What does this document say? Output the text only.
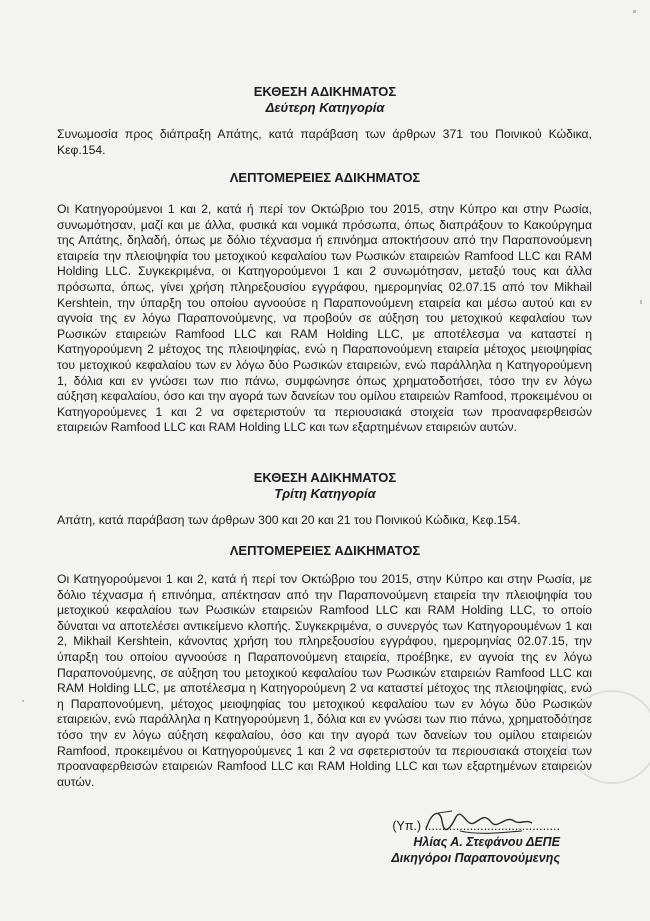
ΕΚΘΕΣΗ ΑΔΙΚΗΜΑΤΟΣ
Δεύτερη Κατηγορία

Συνωμοσία προς διάπραξη Απάτης, κατά παράβαση των άρθρων 371 του Ποινικού Κώδικα, Κεφ.154.

ΛΕΠΤΟΜΕΡΕΙΕΣ ΑΔΙΚΗΜΑΤΟΣ

Οι Κατηγορούμενοι 1 και 2, κατά ή περί τον Οκτώβριο του 2015, στην Κύπρο και στην Ρωσία, συνωμότησαν, μαζί και με άλλα, φυσικά και νομικά πρόσωπα, όπως διαπράξουν το Κακούργημα της Απάτης, δηλαδή, όπως με δόλιο τέχνασμα ή επινόημα αποκτήσουν από την Παραπονούμενη εταιρεία την πλειοψηφία του μετοχικού κεφαλαίου των Ρωσικών εταιρειών Ramfood LLC και RAM Holding LLC. Συγκεκριμένα, οι Κατηγορούμενοι 1 και 2 συνωμότησαν, μεταξύ τους και άλλα πρόσωπα, όπως, γίνει χρήση πληρεξουσίου εγγράφου, ημερομηνίας 02.07.15 από τον Mikhail Kershtein, την ύπαρξη του οποίου αγνοούσε η Παραπονούμενη εταιρεία και μέσω αυτού και εν αγνοία της εν λόγω Παραπονούμενης, να προβούν σε αύξηση του μετοχικού κεφαλαίου των Ρωσικών εταιρειών Ramfood LLC και RAM Holding LLC, με αποτέλεσμα να καταστεί η Κατηγορούμενη 2 μέτοχος της πλειοψηφίας, ενώ η Παραπονούμενη εταιρεία μέτοχος μειοψηφίας του μετοχικού κεφαλαίου των εν λόγω δύο Ρωσικών εταιρειών, ενώ παράλληλα η Κατηγορούμενη 1, δόλια και εν γνώσει των πιο πάνω, συμφώνησε όπως χρηματοδοτήσει, τόσο την εν λόγω αύξηση κεφαλαίου, όσο και την αγορά των δανείων του ομίλου εταιρειών Ramfood, προκειμένου οι Κατηγορούμενες 1 και 2 να σφετεριστούν τα περιουσιακά στοιχεία των προαναφερθεισών εταιρειών Ramfood LLC και RAM Holding LLC και των εξαρτημένων εταιρειών αυτών.

ΕΚΘΕΣΗ ΑΔΙΚΗΜΑΤΟΣ
Τρίτη Κατηγορία

Απάτη, κατά παράβαση των άρθρων 300 και 20 και 21 του Ποινικού Κώδικα, Κεφ.154.

ΛΕΠΤΟΜΕΡΕΙΕΣ ΑΔΙΚΗΜΑΤΟΣ

Οι Κατηγορούμενοι 1 και 2, κατά ή περί τον Οκτώβριο του 2015, στην Κύπρο και στην Ρωσία, με δόλιο τέχνασμα ή επινόημα, απέκτησαν από την Παραπονούμενη εταιρεία την πλειοψηφία του μετοχικού κεφαλαίου των Ρωσικών εταιρειών Ramfood LLC και RAM Holding LLC, το οποίο δύναται να αποτελέσει αντικείμενο κλοπής. Συγκεκριμένα, ο συνεργός των Κατηγορουμένων 1 και 2, Mikhail Kershtein, κάνοντας χρήση του πληρεξουσίου εγγράφου, ημερομηνίας 02.07.15, την ύπαρξη του οποίου αγνοούσε η Παραπονούμενη εταιρεία, προέβηκε, εν αγνοία της εν λόγω Παραπονούμενης, σε αύξηση του μετοχικού κεφαλαίου των Ρωσικών εταιρειών Ramfood LLC και RAM Holding LLC, με αποτέλεσμα η Κατηγορούμενη 2 να καταστεί μέτοχος της πλειοψηφίας, ενώ η Παραπονούμενη, μέτοχος μειοψηφίας του μετοχικού κεφαλαίου των εν λόγω δύο Ρωσικών εταιρειών, ενώ παράλληλα η Κατηγορούμενη 1, δόλια και εν γνώσει των πιο πάνω, χρηματοδότησε τόσο την εν λόγω αύξηση κεφαλαίου, όσο και την αγορά των δανείων του ομίλου εταιρειών Ramfood, προκειμένου οι Κατηγορούμενες 1 και 2 να σφετεριστούν τα περιουσιακά στοιχεία των προαναφερθεισών εταιρειών Ramfood LLC και RAM Holding LLC και των εξαρτημένων εταιρειών αυτών.

(Υπ.) .......................................
Ηλίας Α. Στεφάνου ΔΕΠΕ
Δικηγόροι Παραπονούμενης
